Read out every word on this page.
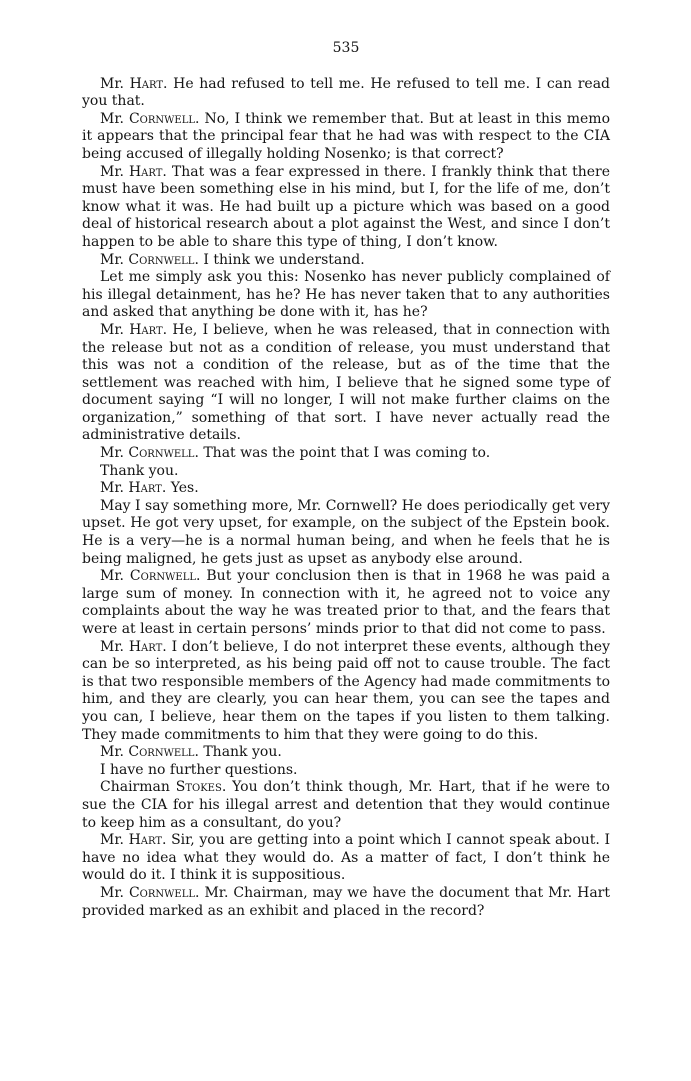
535

Mr. Hart. He had refused to tell me. He refused to tell me. I can read you that.

Mr. Cornwell. No, I think we remember that. But at least in this memo it appears that the principal fear that he had was with respect to the CIA being accused of illegally holding Nosenko; is that correct?

Mr. Hart. That was a fear expressed in there. I frankly think that there must have been something else in his mind, but I, for the life of me, don’t know what it was. He had built up a picture which was based on a good deal of historical research about a plot against the West, and since I don’t happen to be able to share this type of thing, I don’t know.

Mr. Cornwell. I think we understand.

Let me simply ask you this: Nosenko has never publicly complained of his illegal detainment, has he? He has never taken that to any authorities and asked that anything be done with it, has he?

Mr. Hart. He, I believe, when he was released, that in connection with the release but not as a condition of release, you must understand that this was not a condition of the release, but as of the time that the settlement was reached with him, I believe that he signed some type of document saying “I will no longer, I will not make further claims on the organization,” something of that sort. I have never actually read the administrative details.

Mr. Cornwell. That was the point that I was coming to.

Thank you.

Mr. Hart. Yes.

May I say something more, Mr. Cornwell? He does periodically get very upset. He got very upset, for example, on the subject of the Epstein book. He is a very—he is a normal human being, and when he feels that he is being maligned, he gets just as upset as anybody else around.

Mr. Cornwell. But your conclusion then is that in 1968 he was paid a large sum of money. In connection with it, he agreed not to voice any complaints about the way he was treated prior to that, and the fears that were at least in certain persons’ minds prior to that did not come to pass.

Mr. Hart. I don’t believe, I do not interpret these events, although they can be so interpreted, as his being paid off not to cause trouble. The fact is that two responsible members of the Agency had made commitments to him, and they are clearly, you can hear them, you can see the tapes and you can, I believe, hear them on the tapes if you listen to them talking. They made commitments to him that they were going to do this.

Mr. Cornwell. Thank you.

I have no further questions.

Chairman Stokes. You don’t think though, Mr. Hart, that if he were to sue the CIA for his illegal arrest and detention that they would continue to keep him as a consultant, do you?

Mr. Hart. Sir, you are getting into a point which I cannot speak about. I have no idea what they would do. As a matter of fact, I don’t think he would do it. I think it is suppositious.

Mr. Cornwell. Mr. Chairman, may we have the document that Mr. Hart provided marked as an exhibit and placed in the record?
